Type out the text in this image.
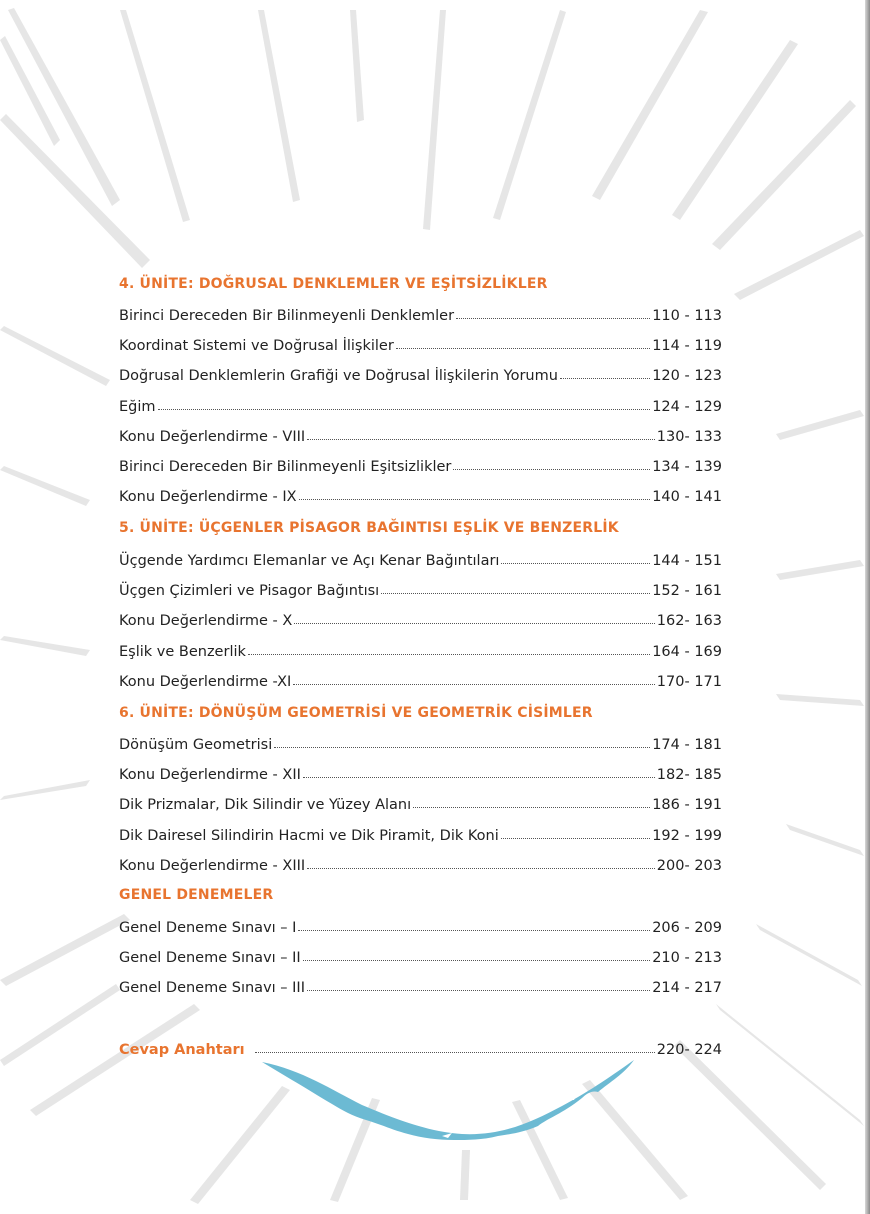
4. ÜNİTE: DOĞRUSAL DENKLEMLER VE EŞİTSİZLİKLER
Birinci Dereceden Bir Bilinmeyenli Denklemler	110 - 113
Koordinat Sistemi ve Doğrusal İlişkiler	114 - 119
Doğrusal Denklemlerin Grafiği ve Doğrusal İlişkilerin Yorumu	120 - 123
Eğim	124 - 129
Konu Değerlendirme - VIII	130- 133
Birinci Dereceden Bir Bilinmeyenli Eşitsizlikler	134 - 139
Konu Değerlendirme - IX	140 - 141
5. ÜNİTE: ÜÇGENLER PİSAGOR BAĞINTISI EŞLİK VE BENZERLİK
Üçgende Yardımcı Elemanlar ve Açı Kenar Bağıntıları	144 - 151
Üçgen Çizimleri ve Pisagor Bağıntısı	152 - 161
Konu Değerlendirme - X	162- 163
Eşlik ve Benzerlik	164 - 169
Konu Değerlendirme -XI	170- 171
6. ÜNİTE: DÖNÜŞÜM GEOMETRİSİ VE GEOMETRİK CİSİMLER
Dönüşüm Geometrisi	174 - 181
Konu Değerlendirme - XII	182- 185
Dik Prizmalar, Dik Silindir ve Yüzey Alanı	186 - 191
Dik Dairesel Silindirin Hacmi ve Dik Piramit, Dik Koni	192 - 199
Konu Değerlendirme - XIII	200- 203
GENEL DENEMELER
Genel Deneme Sınavı – I	206 - 209
Genel Deneme Sınavı – II	210 - 213
Genel Deneme Sınavı – III	214 - 217
Cevap Anahtarı	220- 224
